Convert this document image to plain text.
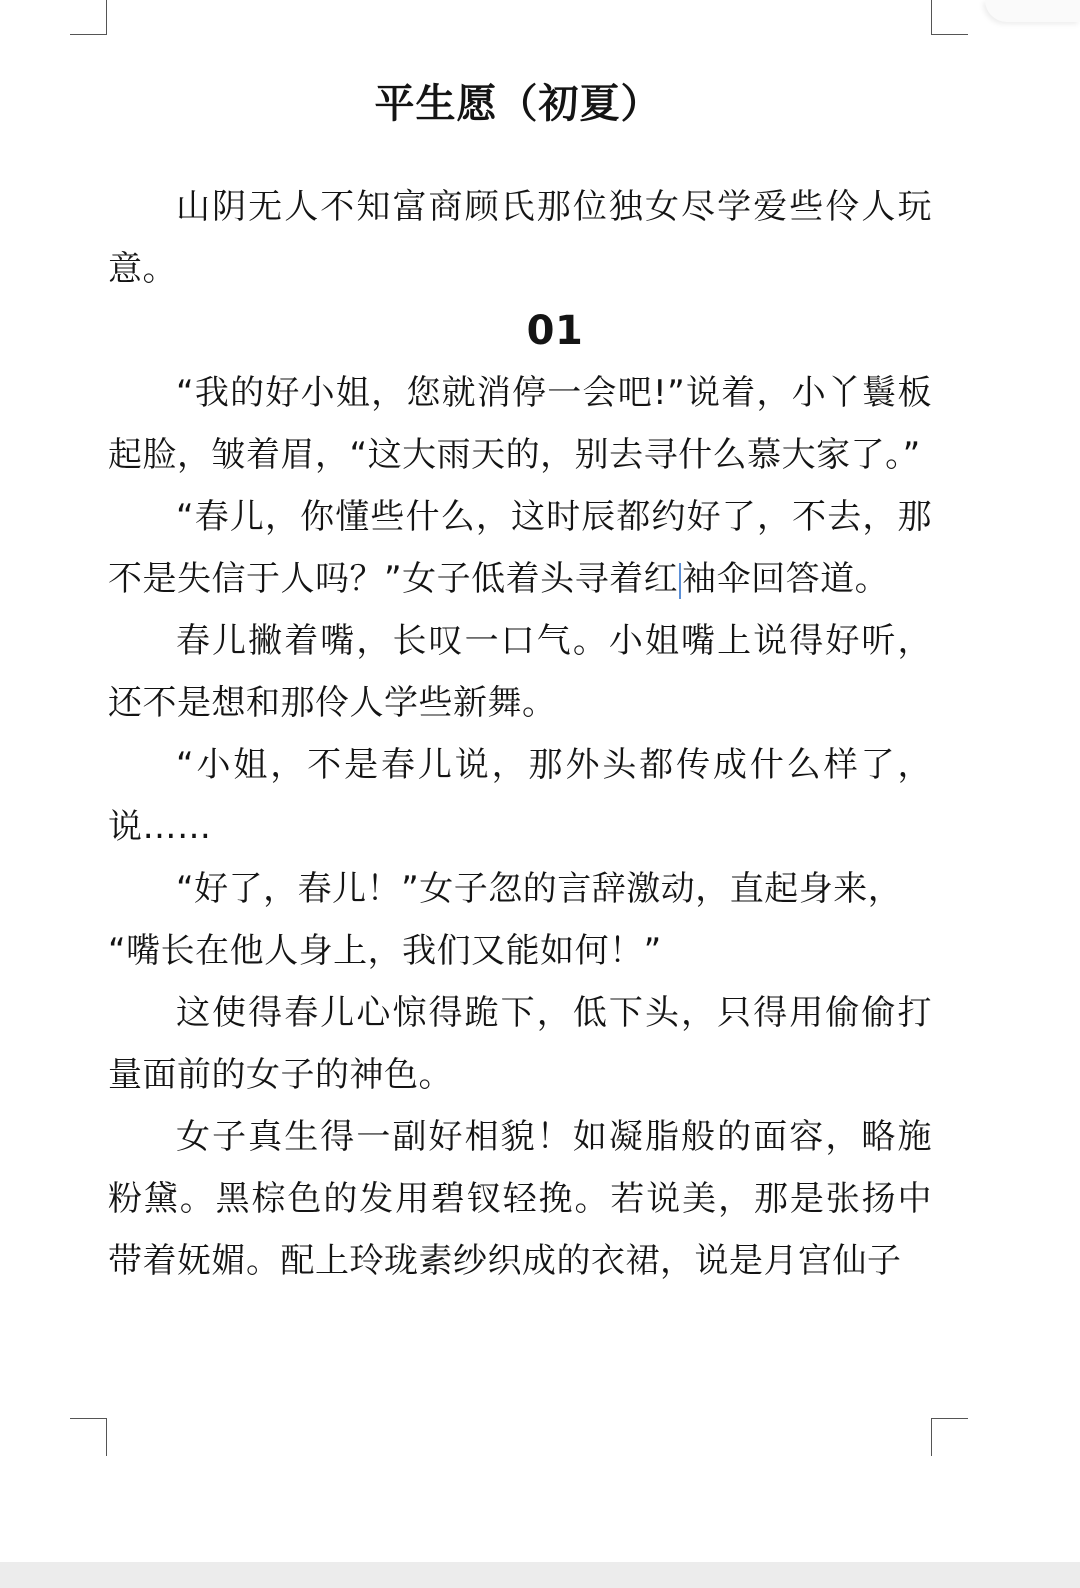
平生愿（初夏）

山阴无人不知富商顾氏那位独女尽学爱些伶人玩意。

01

“我的好小姐，您就消停一会吧!”说着，小丫鬟板起脸，皱着眉，“这大雨天的，别去寻什么慕大家了。”

“春儿，你懂些什么，这时辰都约好了，不去，那不是失信于人吗？”女子低着头寻着红 袖伞回答道。

春儿撇着嘴，长叹一口气。小姐嘴上说得好听，还不是想和那伶人学些新舞。

“小姐，不是春儿说，那外头都传成什么样了，说……

“好了，春儿！”女子忽的言辞激动，直起身来，

“嘴长在他人身上，我们又能如何！”

这使得春儿心惊得跪下，低下头，只得用偷偷打量面前的女子的神色。

女子真生得一副好相貌！如凝脂般的面容，略施粉黛。黑棕色的发用碧钗轻挽。若说美，那是张扬中带着妩媚。配上玲珑素纱织成的衣裙，说是月宫仙子
